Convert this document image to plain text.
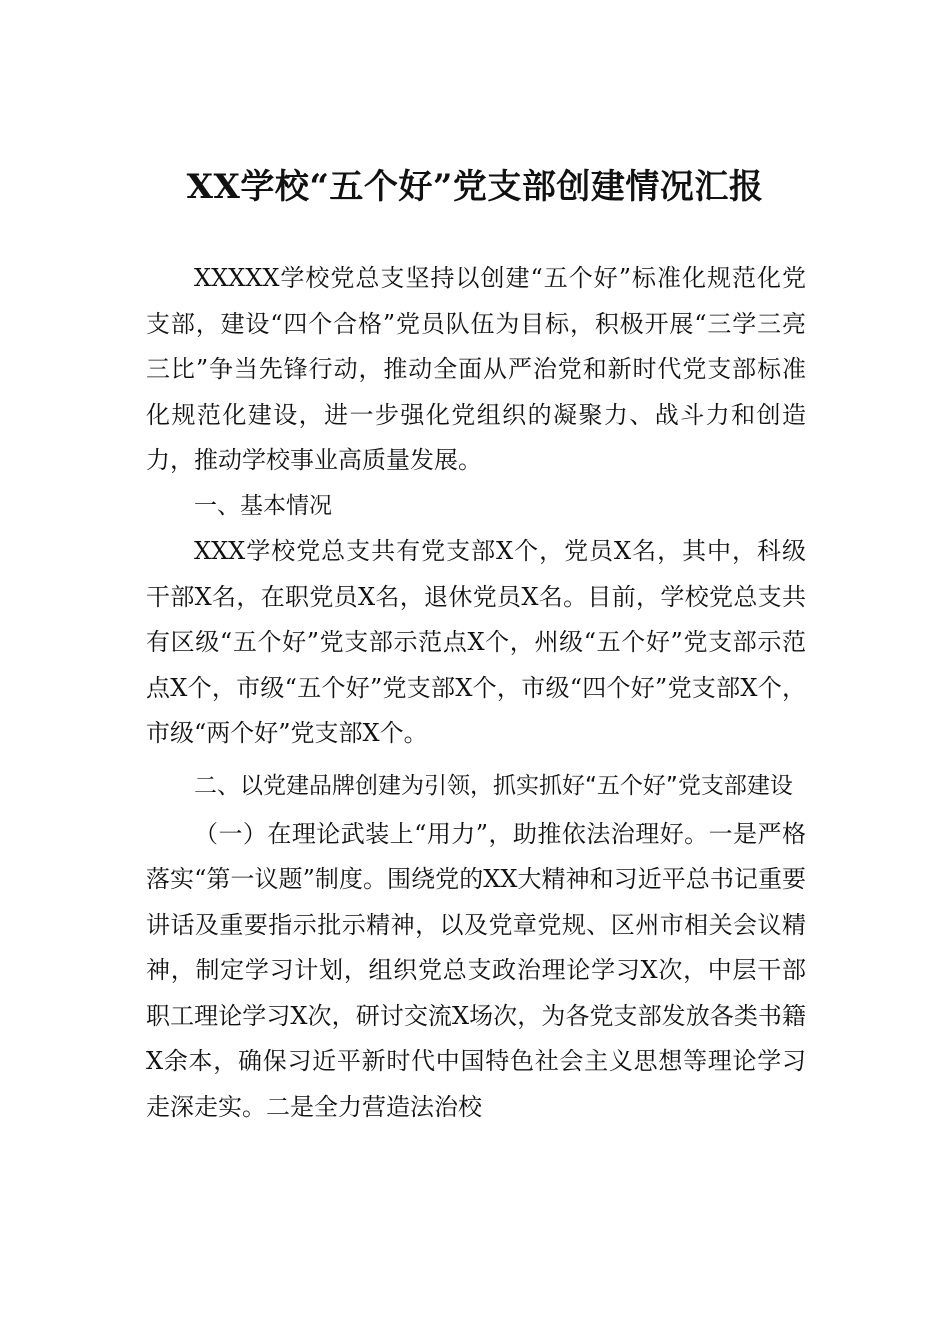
XX学校“五个好”党支部创建情况汇报

XXXXX学校党总支坚持以创建“五个好”标准化规范化党支部，建设“四个合格”党员队伍为目标，积极开展“三学三亮三比”争当先锋行动，推动全面从严治党和新时代党支部标准化规范化建设，进一步强化党组织的凝聚力、战斗力和创造力，推动学校事业高质量发展。

一、基本情况

XXX学校党总支共有党支部X个，党员X名，其中，科级干部X名，在职党员X名，退休党员X名。目前，学校党总支共有区级“五个好”党支部示范点X个，州级“五个好”党支部示范点X个，市级“五个好”党支部X个，市级“四个好”党支部X个，市级“两个好”党支部X个。

二、以党建品牌创建为引领，抓实抓好“五个好”党支部建设

（一）在理论武装上“用力”，助推依法治理好。一是严格落实“第一议题”制度。围绕党的XX大精神和习近平总书记重要讲话及重要指示批示精神，以及党章党规、区州市相关会议精神，制定学习计划，组织党总支政治理论学习X次，中层干部职工理论学习X次，研讨交流X场次，为各党支部发放各类书籍X余本，确保习近平新时代中国特色社会主义思想等理论学习走深走实。二是全力营造法治校
